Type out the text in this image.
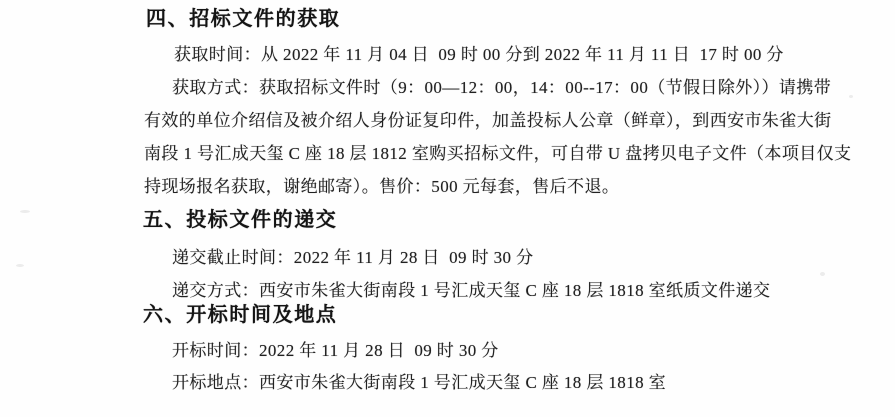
四、招标文件的获取
获取时间：从 2022 年 11 月 04 日  09 时 00 分到 2022 年 11 月 11 日  17 时 00 分
获取方式：获取招标文件时（9：00—12：00，14：00--17：00（节假日除外））请携带
有效的单位介绍信及被介绍人身份证复印件，加盖投标人公章（鲜章），到西安市朱雀大街
南段 1 号汇成天玺 C 座 18 层 1812 室购买招标文件，可自带 U 盘拷贝电子文件（本项目仅支
持现场报名获取，谢绝邮寄）。售价：500 元每套，售后不退。
五、投标文件的递交
递交截止时间：2022 年 11 月 28 日  09 时 30 分
递交方式：西安市朱雀大街南段 1 号汇成天玺 C 座 18 层 1818 室纸质文件递交
六、开标时间及地点
开标时间：2022 年 11 月 28 日  09 时 30 分
开标地点：西安市朱雀大街南段 1 号汇成天玺 C 座 18 层 1818 室
